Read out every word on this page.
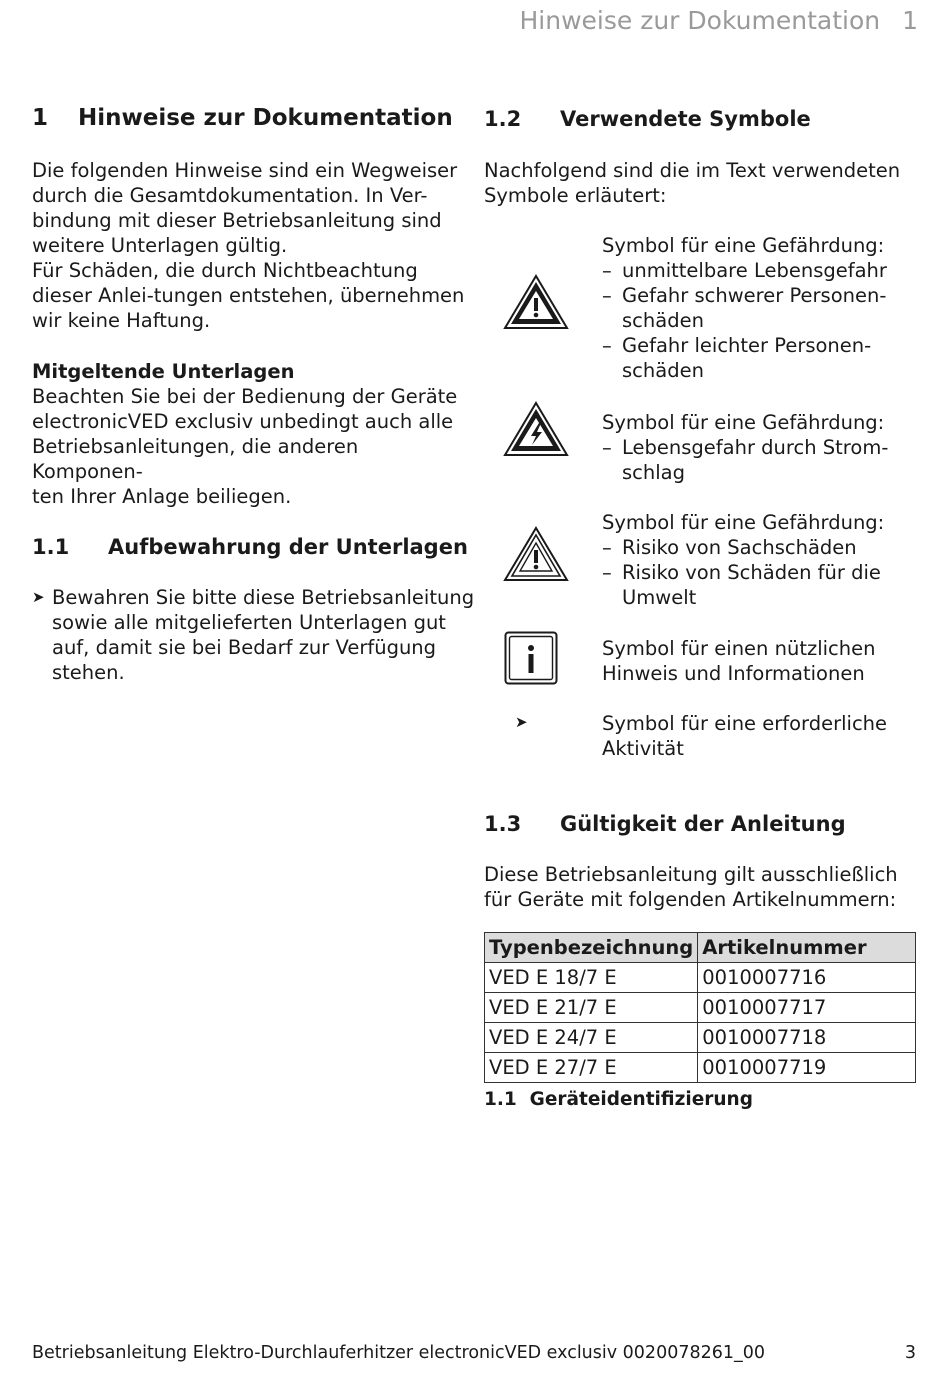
Hinweise zur Dokumentation 1
1 Hinweise zur Dokumentation
Die folgenden Hinweise sind ein Wegweiser
durch die Gesamtdokumentation. In Ver-
bindung mit dieser Betriebsanleitung sind
weitere Unterlagen gültig.
Für Schäden, die durch Nichtbeachtung
dieser Anlei-tungen entstehen, übernehmen
wir keine Haftung.
Mitgeltende Unterlagen
Beachten Sie bei der Bedienung der Geräte
electronicVED exclusiv unbedingt auch alle
Betriebsanleitungen, die anderen Komponen-
ten Ihrer Anlage beiliegen.
1.1 Aufbewahrung der Unterlagen
➤ Bewahren Sie bitte diese Betriebsanleitung
sowie alle mitgelieferten Unterlagen gut
auf, damit sie bei Bedarf zur Verfügung
stehen.
1.2 Verwendete Symbole
Nachfolgend sind die im Text verwendeten
Symbole erläutert:
Symbol für eine Gefährdung:
– unmittelbare Lebensgefahr
– Gefahr schwerer Personen-
schäden
– Gefahr leichter Personen-
schäden
Symbol für eine Gefährdung:
– Lebensgefahr durch Strom-
schlag
Symbol für eine Gefährdung:
– Risiko von Sachschäden
– Risiko von Schäden für die
Umwelt
Symbol für einen nützlichen
Hinweis und Informationen
➤	Symbol für eine erforderliche
Aktivität
1.3 Gültigkeit der Anleitung
Diese Betriebsanleitung gilt ausschließlich
für Geräte mit folgenden Artikelnummern:
Typenbezeichnung	Artikelnummer
VED E 18/7 E	0010007716
VED E 21/7 E	0010007717
VED E 24/7 E	0010007718
VED E 27/7 E	0010007719
1.1 Geräteidentifizierung
Betriebsanleitung Elektro-Durchlauferhitzer electronicVED exclusiv 0020078261_00	3
